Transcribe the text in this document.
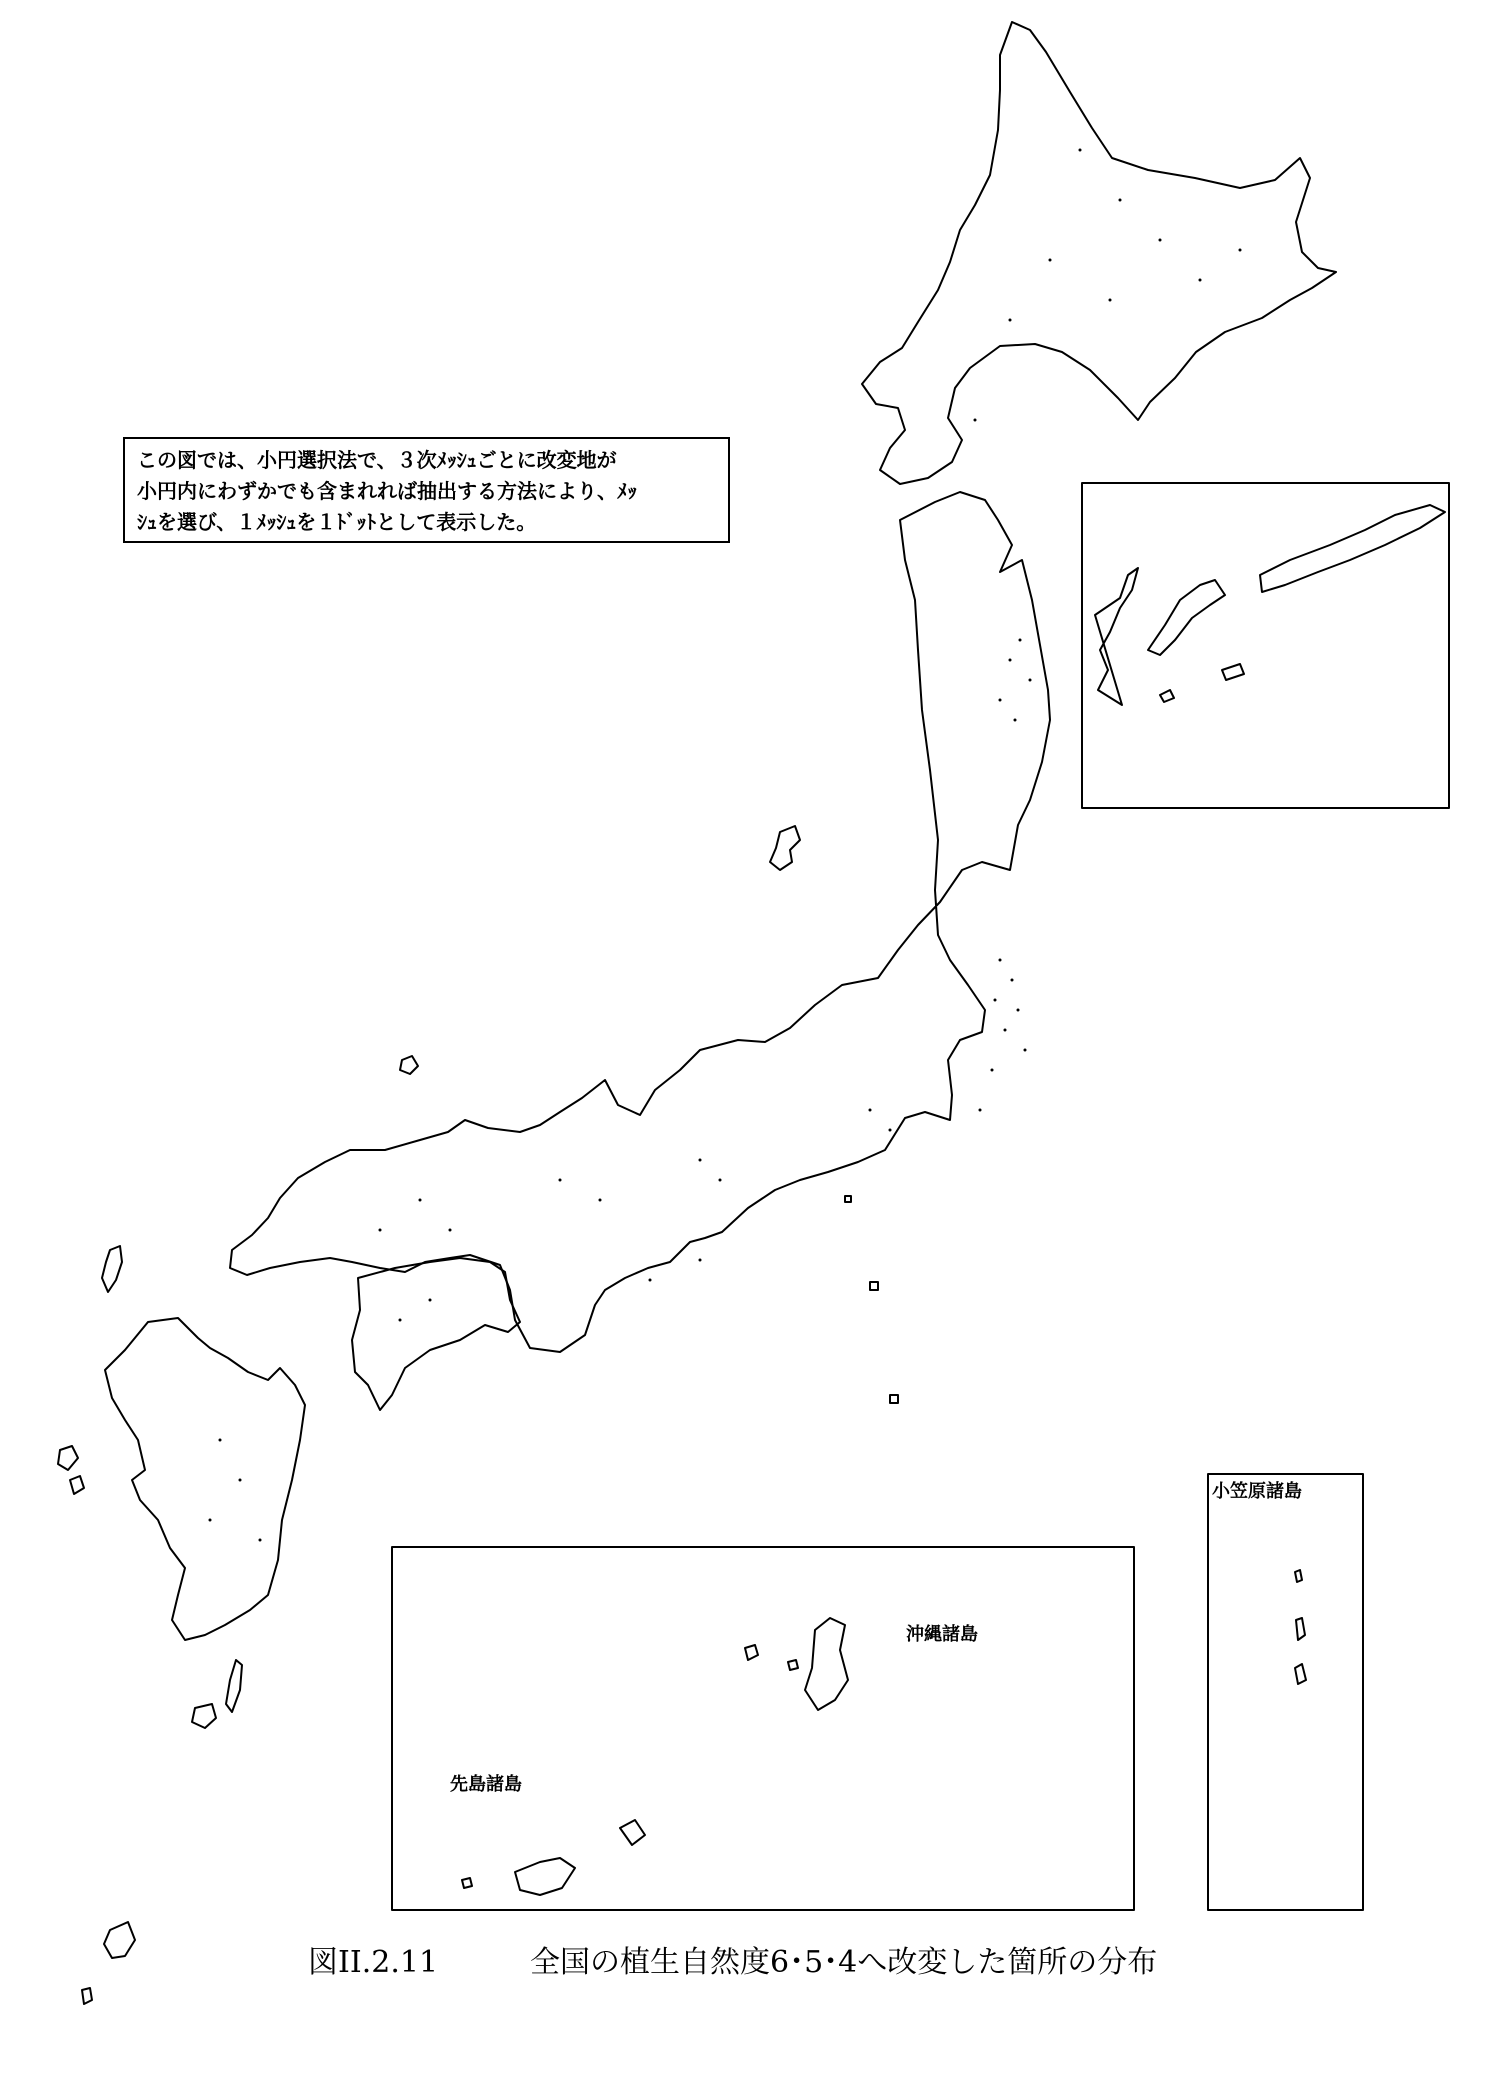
この図では、小円選択法で、３次ﾒｯｼｭごとに改変地が
小円内にわずかでも含まれれば抽出する方法により、ﾒｯ
ｼｭを選び、１ﾒｯｼｭを１ﾄﾞｯﾄとして表示した。
小笠原諸島
沖縄諸島
先島諸島
図II.2.11	全国の植生自然度6･5･4へ改変した箇所の分布
